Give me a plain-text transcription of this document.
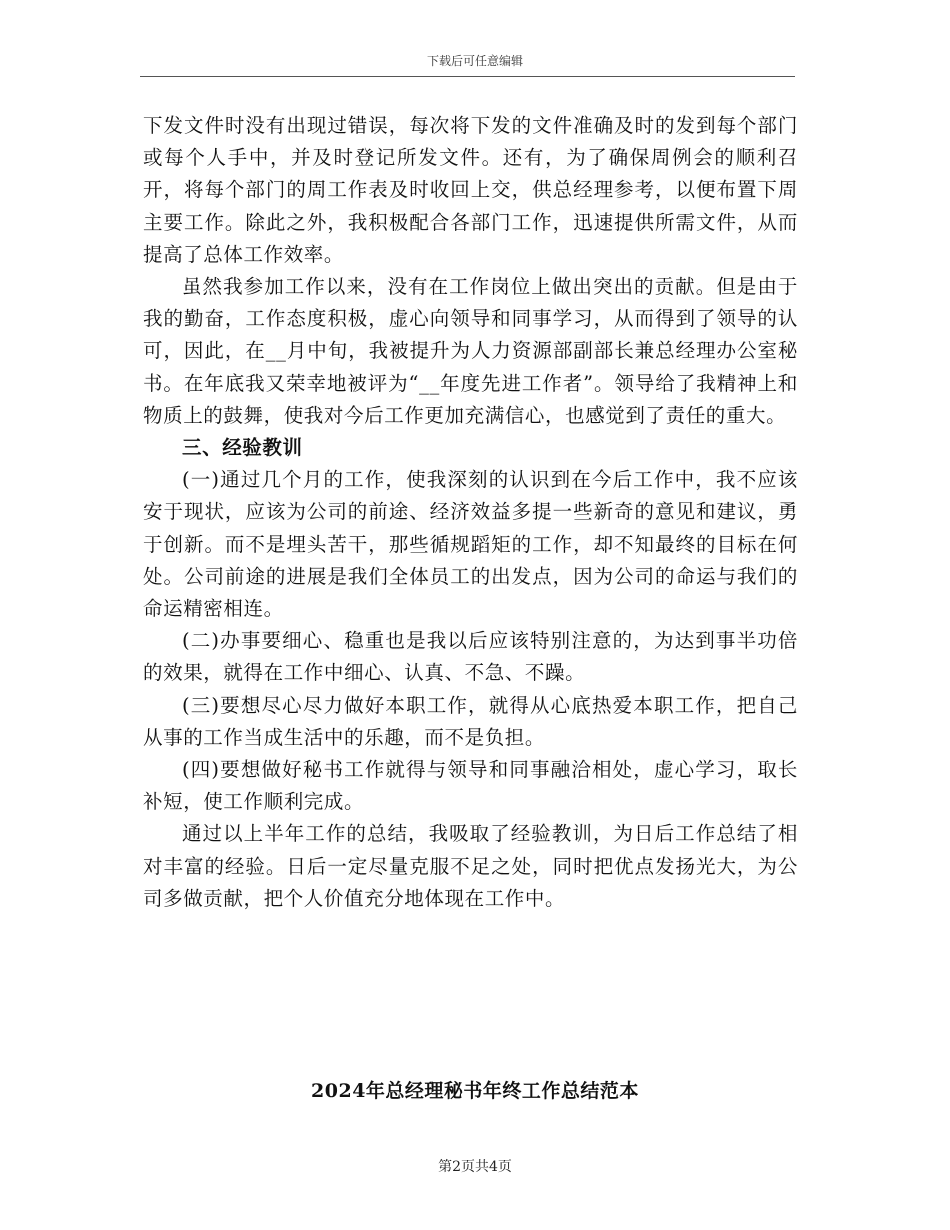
下载后可任意编辑

下发文件时没有出现过错误，每次将下发的文件准确及时的发到每个部门或每个人手中，并及时登记所发文件。还有，为了确保周例会的顺利召开，将每个部门的周工作表及时收回上交，供总经理参考，以便布置下周主要工作。除此之外，我积极配合各部门工作，迅速提供所需文件，从而提高了总体工作效率。

虽然我参加工作以来，没有在工作岗位上做出突出的贡献。但是由于我的勤奋，工作态度积极，虚心向领导和同事学习，从而得到了领导的认可，因此，在__月中旬，我被提升为人力资源部副部长兼总经理办公室秘书。在年底我又荣幸地被评为“__年度先进工作者”。领导给了我精神上和物质上的鼓舞，使我对今后工作更加充满信心，也感觉到了责任的重大。

三、经验教训

(一)通过几个月的工作，使我深刻的认识到在今后工作中，我不应该安于现状，应该为公司的前途、经济效益多提一些新奇的意见和建议，勇于创新。而不是埋头苦干，那些循规蹈矩的工作，却不知最终的目标在何处。公司前途的进展是我们全体员工的出发点，因为公司的命运与我们的命运精密相连。

(二)办事要细心、稳重也是我以后应该特别注意的，为达到事半功倍的效果，就得在工作中细心、认真、不急、不躁。

(三)要想尽心尽力做好本职工作，就得从心底热爱本职工作，把自己从事的工作当成生活中的乐趣，而不是负担。

(四)要想做好秘书工作就得与领导和同事融洽相处，虚心学习，取长补短，使工作顺利完成。

通过以上半年工作的总结，我吸取了经验教训，为日后工作总结了相对丰富的经验。日后一定尽量克服不足之处，同时把优点发扬光大，为公司多做贡献，把个人价值充分地体现在工作中。

2024年总经理秘书年终工作总结范本
第2页共4页
